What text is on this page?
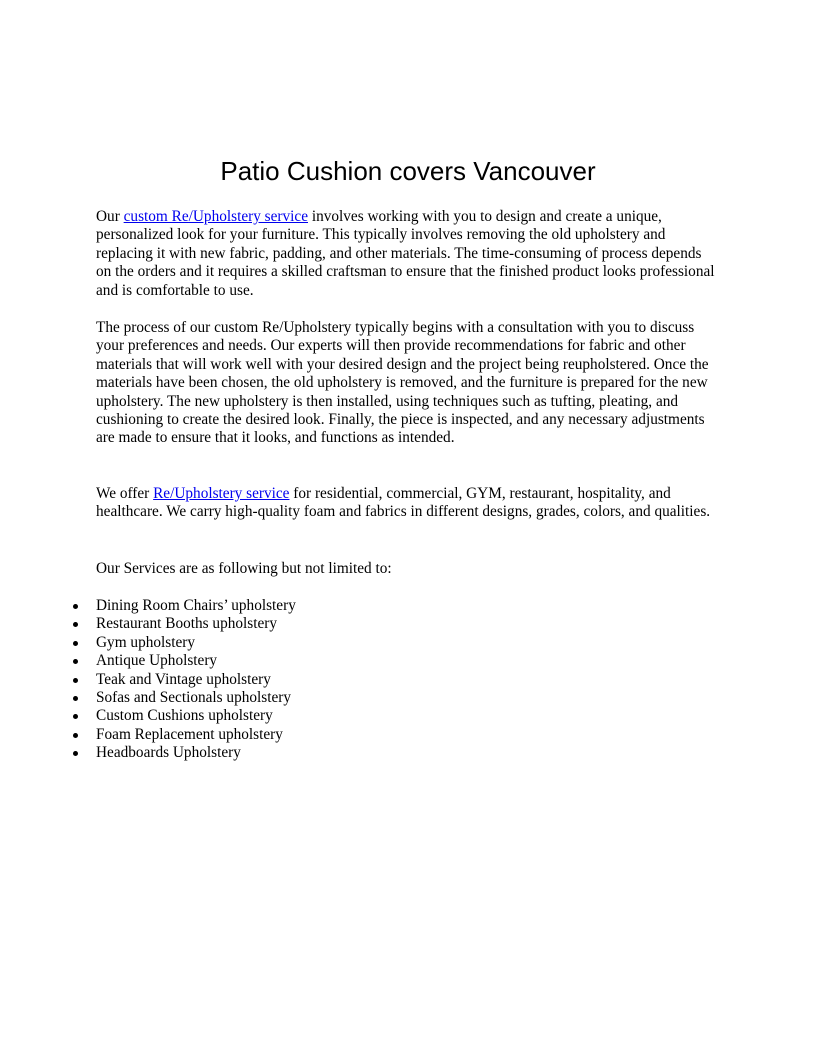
Patio Cushion covers Vancouver

Our custom Re/Upholstery service involves working with you to design and create a unique, personalized look for your furniture. This typically involves removing the old upholstery and replacing it with new fabric, padding, and other materials. The time-consuming of process depends on the orders and it requires a skilled craftsman to ensure that the finished product looks professional and is comfortable to use.

The process of our custom Re/Upholstery typically begins with a consultation with you to discuss your preferences and needs. Our experts will then provide recommendations for fabric and other materials that will work well with your desired design and the project being reupholstered. Once the materials have been chosen, the old upholstery is removed, and the furniture is prepared for the new upholstery. The new upholstery is then installed, using techniques such as tufting, pleating, and cushioning to create the desired look. Finally, the piece is inspected, and any necessary adjustments are made to ensure that it looks, and functions as intended.

We offer Re/Upholstery service for residential, commercial, GYM, restaurant, hospitality, and healthcare. We carry high-quality foam and fabrics in different designs, grades, colors, and qualities.

Our Services are as following but not limited to:

Dining Room Chairs’ upholstery
Restaurant Booths upholstery
Gym upholstery
Antique Upholstery
Teak and Vintage upholstery
Sofas and Sectionals upholstery
Custom Cushions upholstery
Foam Replacement upholstery
Headboards Upholstery
